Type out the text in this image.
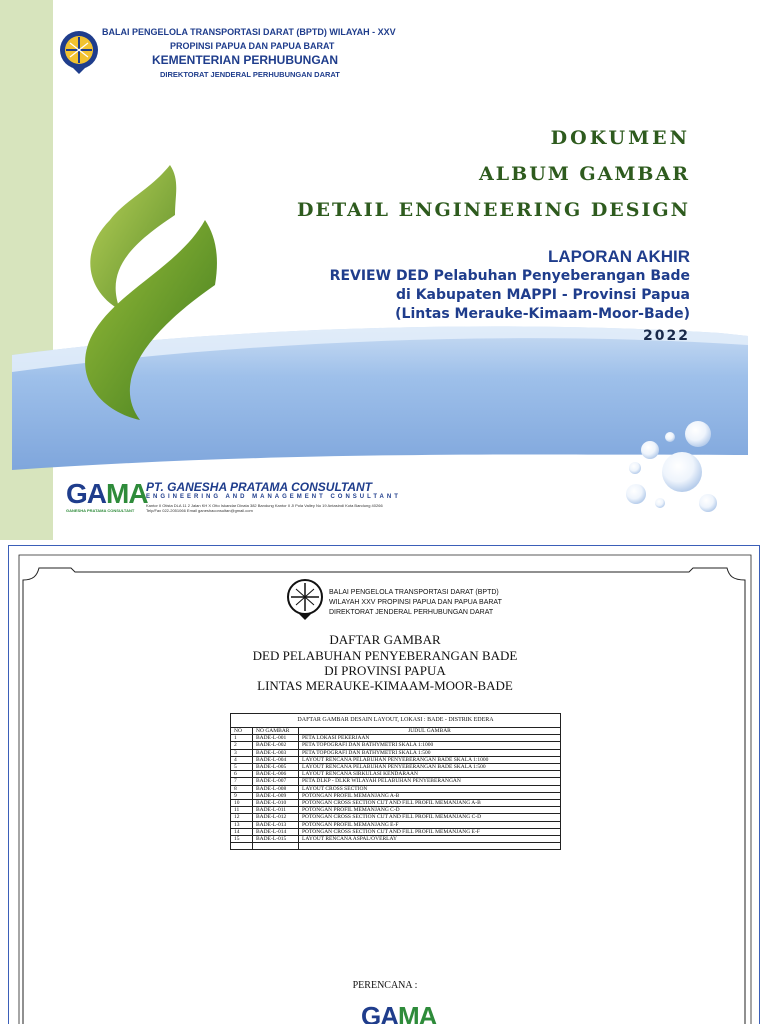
BALAI PENGELOLA TRANSPORTASI DARAT (BPTD) WILAYAH - XXV
PROPINSI PAPUA DAN PAPUA BARAT
KEMENTERIAN PERHUBUNGAN
DIREKTORAT JENDERAL PERHUBUNGAN DARAT
DOKUMEN
ALBUM GAMBAR
DETAIL ENGINEERING DESIGN
LAPORAN AKHIR
REVIEW DED Pelabuhan Penyeberangan Bade
di Kabupaten MAPPI - Provinsi Papua
(Lintas Merauke-Kimaam-Moor-Bade)
2022
GAMA
GANESHA PRATAMA CONSULTANT
PT. GANESHA PRATAMA CONSULTANT
ENGINEERING AND MANAGEMENT CONSULTANT
Kantor II Otista DLA 11 2 Jalan KH X Otto Iskandar Dinata 382 Bandung Kantor II Jl Pola Valley No 19 Antasindi Kota Bandung 40266 Telp/Fax 022-2051066 Email ganeshaconsultan@gmail.com
BALAI PENGELOLA TRANSPORTASI DARAT (BPTD)
WILAYAH XXV PROPINSI PAPUA DAN PAPUA BARAT
DIREKTORAT JENDERAL PERHUBUNGAN DARAT
DAFTAR GAMBAR
DED PELABUHAN PENYEBERANGAN BADE
DI PROVINSI PAPUA
LINTAS MERAUKE-KIMAAM-MOOR-BADE
DAFTAR GAMBAR DESAIN LAYOUT, LOKASI : BADE - DISTRIK EDERA		
NO	NO GAMBAR	JUDUL GAMBAR
1	BADE-L-001	PETA LOKASI PEKERJAAN
2	BADE-L-002	PETA TOPOGRAFI DAN BATHYMETRI SKALA 1:1000
3	BADE-L-003	PETA TOPOGRAFI DAN BATHYMETRI SKALA 1:500
4	BADE-L-004	LAYOUT RENCANA PELABUHAN PENYEBERANGAN BADE SKALA 1:1000
5	BADE-L-005	LAYOUT RENCANA PELABUHAN PENYEBERANGAN BADE SKALA 1:500
6	BADE-L-006	LAYOUT RENCANA SIRKULASI KENDARAAN
7	BADE-L-007	PETA DLKP - DLKR WILAYAH PELABUHAN PENYEBERANGAN
8	BADE-L-008	LAYOUT CROSS SECTION
9	BADE-L-009	POTONGAN PROFIL MEMANJANG A-B
10	BADE-L-010	POTONGAN CROSS SECTION CUT AND FILL PROFIL MEMANJANG A-B
11	BADE-L-011	POTONGAN PROFIL MEMANJANG C-D
12	BADE-L-012	POTONGAN CROSS SECTION CUT AND FILL PROFIL MEMANJANG C-D
13	BADE-L-013	POTONGAN PROFIL MEMANJANG E-F
14	BADE-L-014	POTONGAN CROSS SECTION CUT AND FILL PROFIL MEMANJANG E-F
15	BADE-L-015	LAYOUT RENCANA ASPAL/OVERLAY

PERENCANA :
GAMA
